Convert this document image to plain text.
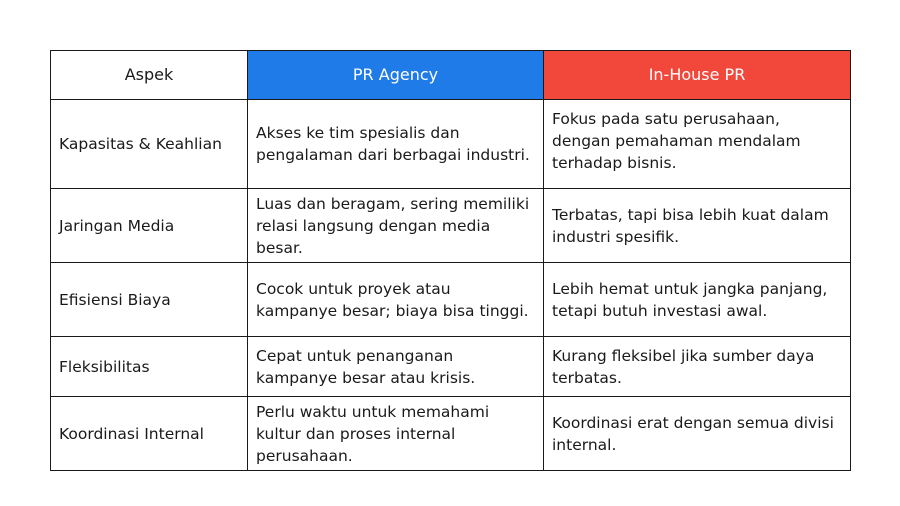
Aspek	PR Agency	In-House PR
Kapasitas & Keahlian	Akses ke tim spesialis dan pengalaman dari berbagai industri.	Fokus pada satu perusahaan, dengan pemahaman mendalam terhadap bisnis.
Jaringan Media	Luas dan beragam, sering memiliki relasi langsung dengan media besar.	Terbatas, tapi bisa lebih kuat dalam industri spesifik.
Efisiensi Biaya	Cocok untuk proyek atau kampanye besar; biaya bisa tinggi.	Lebih hemat untuk jangka panjang, tetapi butuh investasi awal.
Fleksibilitas	Cepat untuk penanganan kampanye besar atau krisis.	Kurang fleksibel jika sumber daya terbatas.
Koordinasi Internal	Perlu waktu untuk memahami kultur dan proses internal perusahaan.	Koordinasi erat dengan semua divisi internal.
